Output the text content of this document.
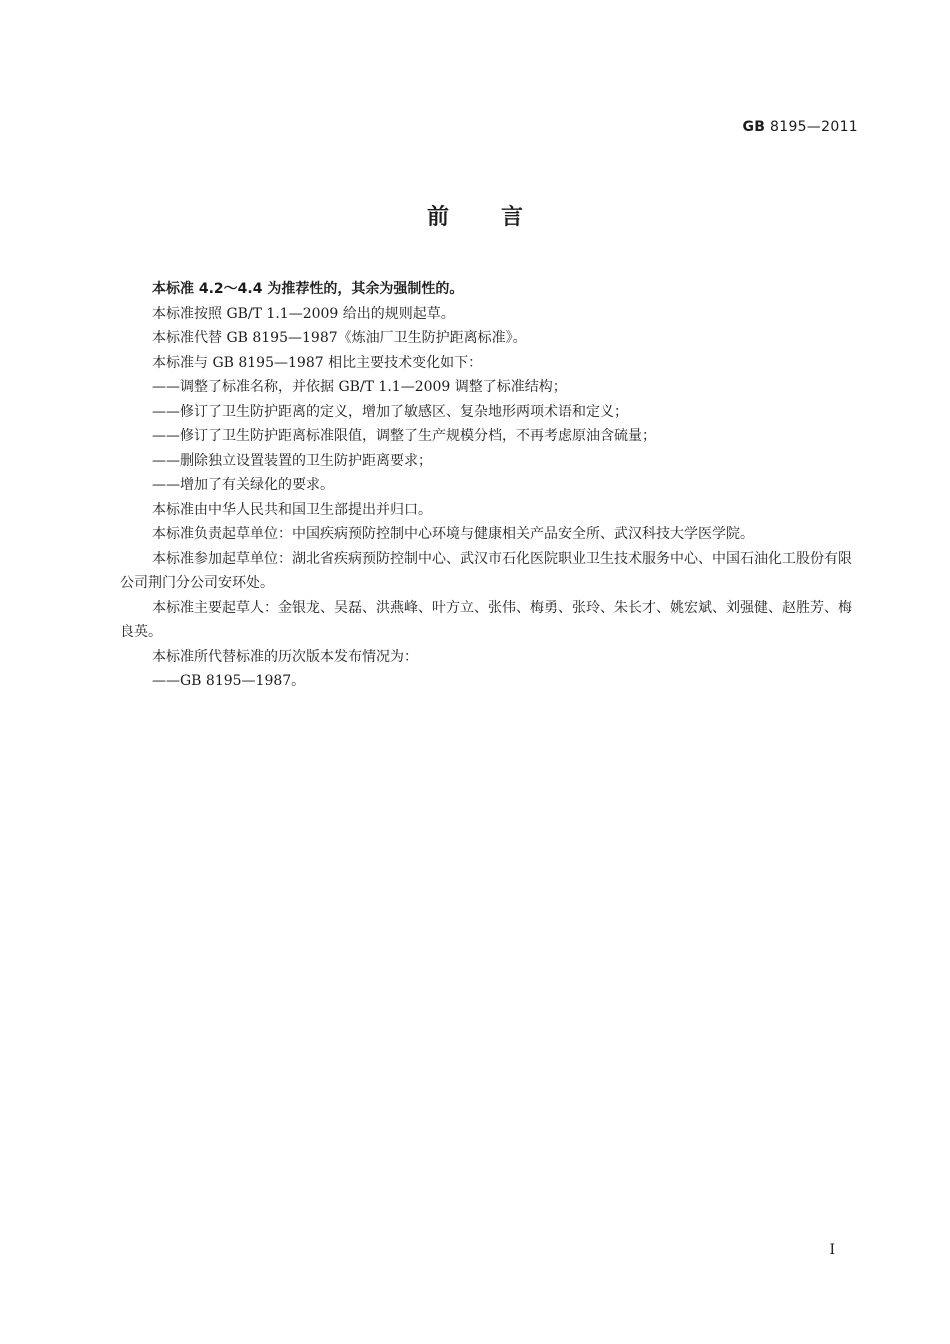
GB 8195—2011
前言

本标准 4.2～4.4 为推荐性的，其余为强制性的。

本标准按照 GB/T 1.1—2009 给出的规则起草。

本标准代替 GB 8195—1987《炼油厂卫生防护距离标准》。

本标准与 GB 8195—1987 相比主要技术变化如下：

——调整了标准名称，并依据 GB/T 1.1—2009 调整了标准结构；

——修订了卫生防护距离的定义，增加了敏感区、复杂地形两项术语和定义；

——修订了卫生防护距离标准限值，调整了生产规模分档，不再考虑原油含硫量；

——删除独立设置装置的卫生防护距离要求；

——增加了有关绿化的要求。

本标准由中华人民共和国卫生部提出并归口。

本标准负责起草单位：中国疾病预防控制中心环境与健康相关产品安全所、武汉科技大学医学院。

本标准参加起草单位：湖北省疾病预防控制中心、武汉市石化医院职业卫生技术服务中心、中国石油化工股份有限公司荆门分公司安环处。

本标准主要起草人：金银龙、吴磊、洪燕峰、叶方立、张伟、梅勇、张玲、朱长才、姚宏斌、刘强健、赵胜芳、梅良英。

本标准所代替标准的历次版本发布情况为：

——GB 8195—1987。

I
